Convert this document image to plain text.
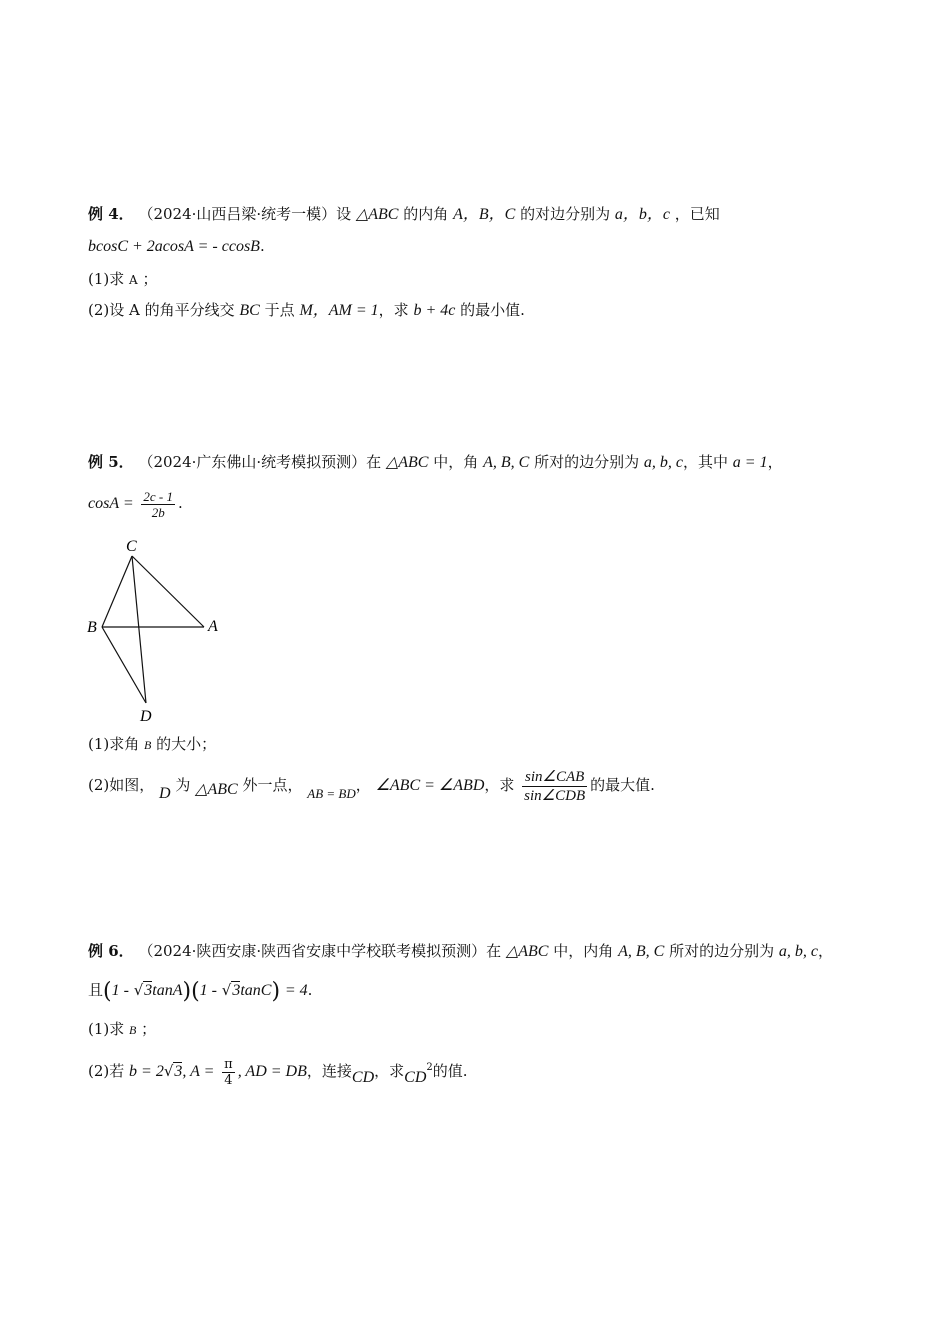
例 4． （2024·山西吕梁·统考一模）设 △ABC 的内角 A，B，C 的对边分别为 a，b，c ，已知
bcosC + 2acosA = - ccosB.
(1)求 A ；
(2)设 A 的角平分线交 BC 于点 M，AM = 1，求 b + 4c 的最小值.
例 5． （2024·广东佛山·统考模拟预测）在 △ABC 中，角 A, B, C 所对的边分别为 a, b, c，其中 a = 1，
$\cos A = \frac{2c - 1}{2b}$ .
C
B	A
D
(1)求角 B 的大小；
(2)如图， D 为 △ABC 外一点， AB = BD， ∠ABC = ∠ABD，求 $\frac{\text{sin∠CAB}}{\text{sin∠CDB}}$ 的最大值.
例 6． （2024·陕西安康·陕西省安康中学校联考模拟预测）在 △ABC 中，内角 A, B, C 所对的边分别为 a, b, c，
且(1 - √3tanA)(1 - √3tanC) = 4.
(1)求 B ；
(2)若 b = 2√3, $A = \frac{\pi}{4}$ , AD = DB，连接CD，求$CD^2$的值.
